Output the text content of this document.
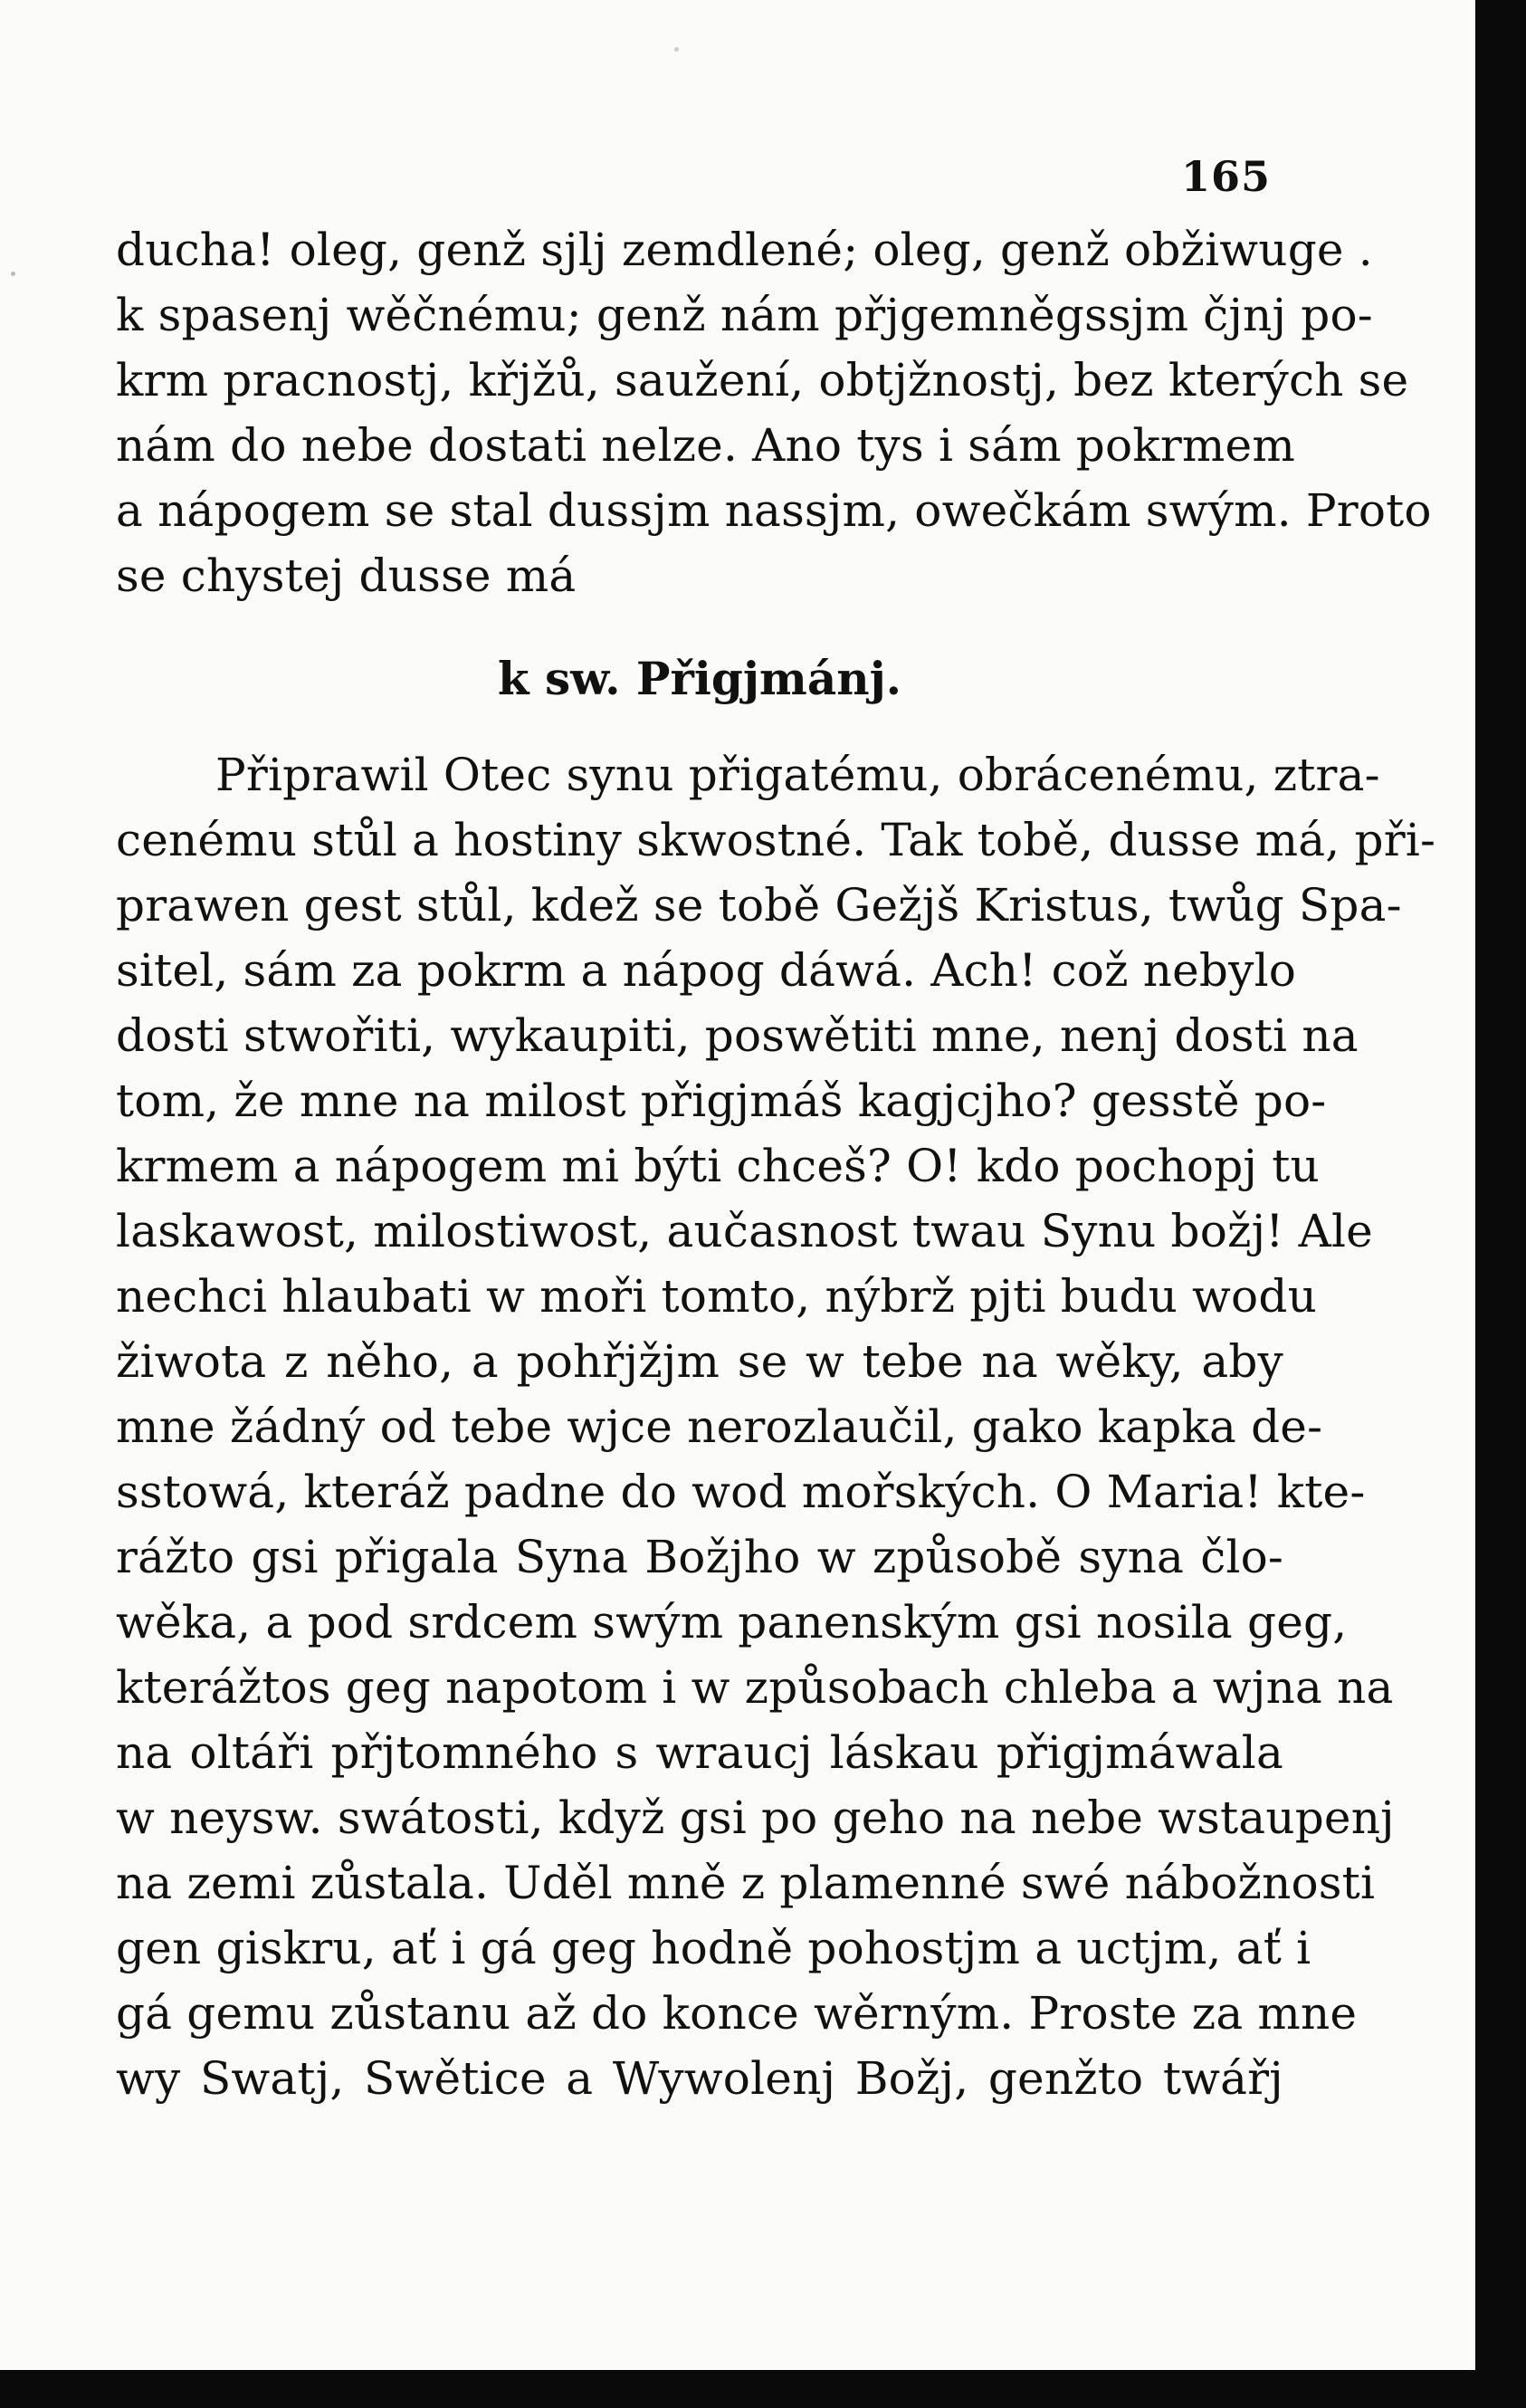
165
ducha! oleg, genž sjlj zemdlené; oleg, genž obžiwuge .
k spasenj wěčnému; genž nám přjgemněgssjm čjnj po-
krm pracnostj, křjžů, saužení, obtjžnostj, bez kterých se
nám do nebe dostati nelze. Ano tys i sám pokrmem
a nápogem se stal dussjm nassjm, owečkám swým. Proto
se chystej dusse má
k sw. Přigjmánj.
Připrawil Otec synu přigatému, obrácenému, ztra-
cenému stůl a hostiny skwostné. Tak tobě, dusse má, při-
prawen gest stůl, kdež se tobě Gežjš Kristus, twůg Spa-
sitel, sám za pokrm a nápog dáwá. Ach! což nebylo
dosti stwořiti, wykaupiti, poswětiti mne, nenj dosti na
tom, že mne na milost přigjmáš kagjcjho? gesstě po-
krmem a nápogem mi býti chceš? O! kdo pochopj tu
laskawost, milostiwost, aučasnost twau Synu božj! Ale
nechci hlaubati w moři tomto, nýbrž pjti budu wodu
žiwota z něho, a pohřjžjm se w tebe na wěky, aby
mne žádný od tebe wjce nerozlaučil, gako kapka de-
sstowá, kteráž padne do wod mořských. O Maria! kte-
rážto gsi přigala Syna Božjho w způsobě syna člo-
wěka, a pod srdcem swým panenským gsi nosila geg,
kterážtos geg napotom i w způsobach chleba a wjna na
na oltáři přjtomného s wraucj láskau přigjmáwala
w neysw. swátosti, když gsi po geho na nebe wstaupenj
na zemi zůstala. Uděl mně z plamenné swé nábožnosti
gen giskru, ať i gá geg hodně pohostjm a uctjm, ať i
gá gemu zůstanu až do konce wěrným. Proste za mne
wy Swatj, Swětice a Wywolenj Božj, genžto twářj
